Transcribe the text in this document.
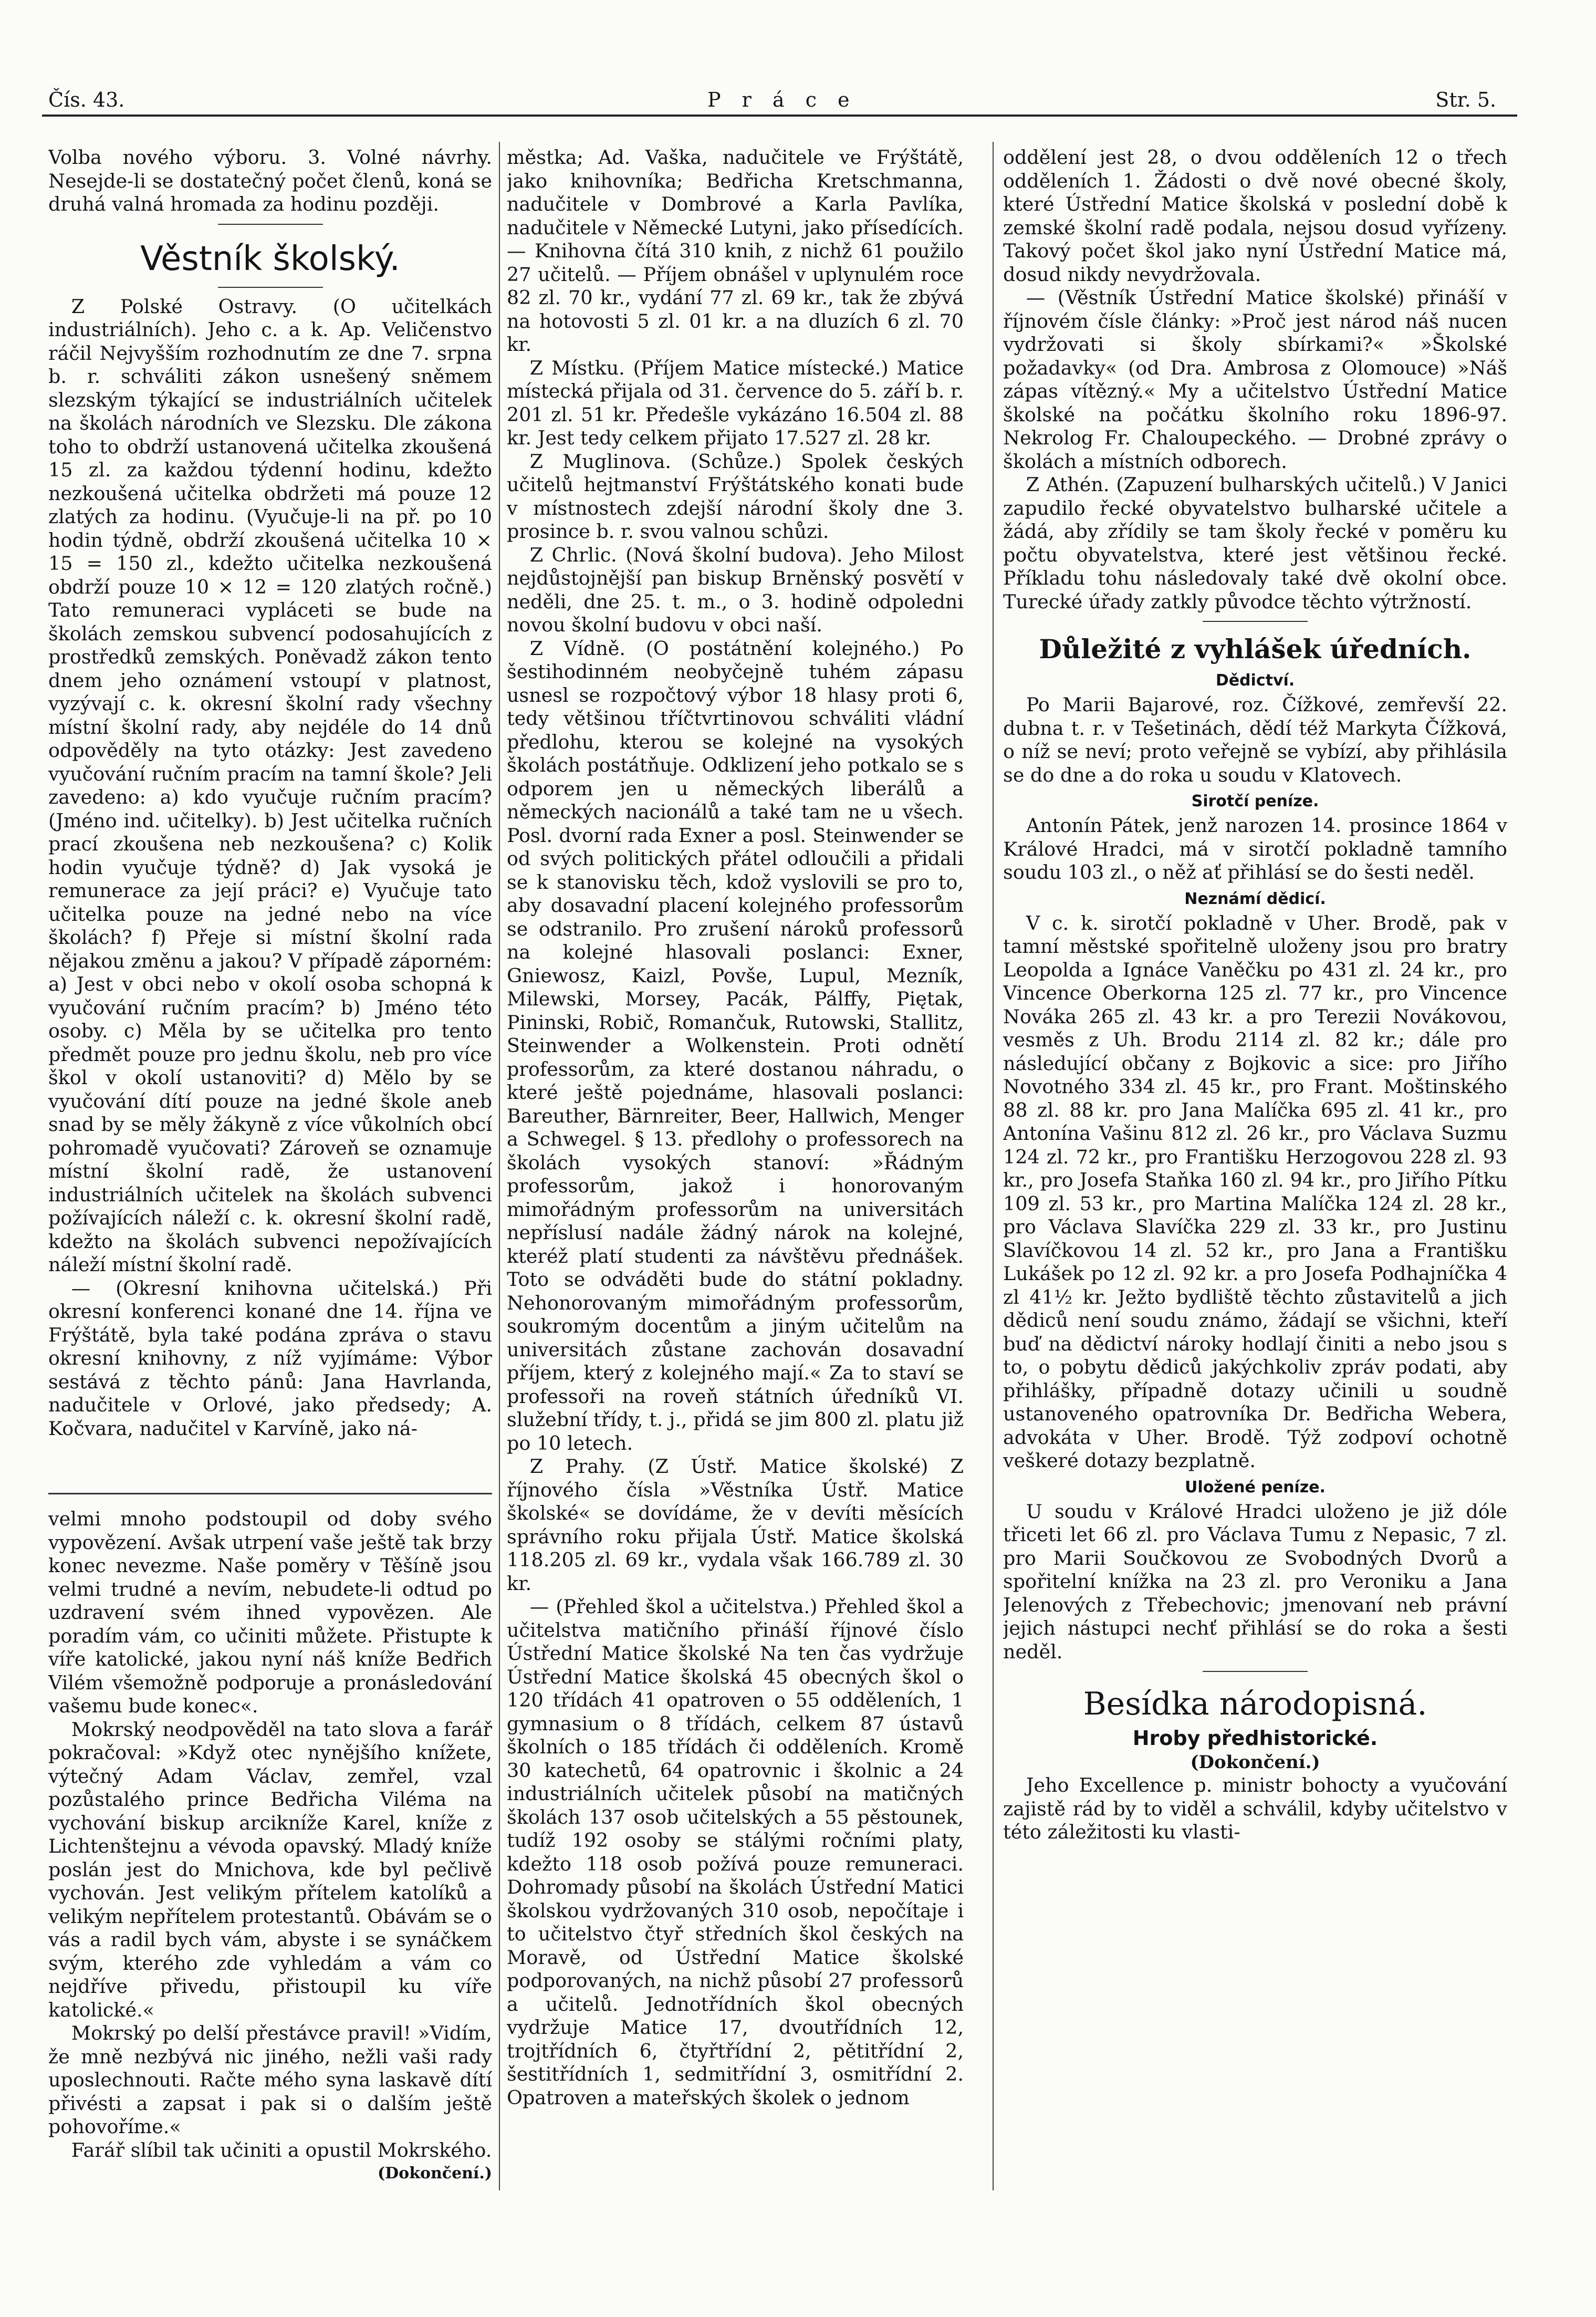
Čís. 43.	P r á c e	Str. 5.

Volba nového výboru. 3. Volné návrhy. Nesejde-li se dostatečný počet členů, koná se druhá valná hromada za hodinu později.

Věstník školský.

Z Polské Ostravy. (O učitelkách industriálních). Jeho c. a k. Ap. Veličenstvo ráčil Nejvyšším rozhodnutím ze dne 7. srpna b. r. schváliti zákon usnešený sněmem slezským týkající se industriálních učitelek na školách národních ve Slezsku. Dle zákona toho to obdrží ustanovená učitelka zkoušená 15 zl. za každou týdenní hodinu, kdežto nezkoušená učitelka obdržeti má pouze 12 zlatých za hodinu. (Vyučuje-li na př. po 10 hodin týdně, obdrží zkoušená učitelka 10 × 15 = 150 zl., kdežto učitelka nezkoušená obdrží pouze 10 × 12 = 120 zlatých ročně.) Tato remuneraci vypláceti se bude na školách zemskou subvencí podosahujících z prostředků zemských. Poněvadž zákon tento dnem jeho oznámení vstoupí v platnost, vyzývají c. k. okresní školní rady všechny místní školní rady, aby nejdéle do 14 dnů odpovědělу na tyto otázky: Jest zavedeno vyučování ručním pracím na tamní škole? Jeli zavedeno: a) kdo vyučuje ručním pracím? (Jméno ind. učitelky). b) Jest učitelka ručních prací zkoušena neb nezkoušena? c) Kolik hodin vyučuje týdně? d) Jak vysoká je remunerace za její práci? e) Vyučuje tato učitelka pouze na jedné nebo na více školách? f) Přeje si místní školní rada nějakou změnu a jakou? V případě záporném: a) Jest v obci nebo v okolí osoba schopná k vyučování ručním pracím? b) Jméno této osoby. c) Měla by se učitelka pro tento předmět pouze pro jednu školu, neb pro více škol v okolí ustanoviti? d) Mělo by se vyučování dítí pouze na jedné škole aneb snad by se měly žákyně z více vůkolních obcí pohromadě vyučovati? Zároveň se oznamuje místní školní radě, že ustanovení industriálních učitelek na školách subvenci požívajících náleží c. k. okresní školní radě, kdežto na školách subvenci nepožívajících náleží místní školní radě.

— (Okresní knihovna učitelská.) Při okresní konferenci konané dne 14. října ve Frýštátě, byla také podána zpráva o stavu okresní knihovny, z níž vyjímáme: Výbor sestává z těchto pánů: Jana Havrlanda, nadučitele v Orlové, jako předsedy; A. Kočvara, nadučitel v Karvíně, jako ná-

velmi mnoho podstoupil od doby svého vypovězení. Avšak utrpení vaše ještě tak brzy konec nevezme. Naše poměry v Těšíně jsou velmi trudné a nevím, nebudete-li odtud po uzdravení svém ihned vypovězen. Ale poradím vám, co učiniti můžete. Přistupte k víře katolické, jakou nyní náš kníže Bedřich Vilém všemožně podporuje a pronásledování vašemu bude konec«.

Mokrský neodpověděl na tato slova a farář pokračoval: »Když otec nynějšího knížete, výtečný Adam Václav, zemřel, vzal pozůstalého prince Bedřicha Viléma na vychování biskup arcikníže Karel, kníže z Lichtenštejnu a vévoda opavský. Mladý kníže poslán jest do Mnichova, kde byl pečlivě vychován. Jest velikým přítelem katolíků a velikým nepřítelem protestantů. Obávám se o vás a radil bych vám, abyste i se synáčkem svým, kterého zde vyhledám a vám co nejdříve přivedu, přistoupil ku víře katolické.«

Mokrský po delší přestávce pravil! »Vidím, že mně nezbývá nic jiného, nežli vaši rady uposlechnouti. Račte mého syna laskavě dítí přivésti a zapsat i pak si o dalším ještě pohovoříme.«

Farář slíbil tak učiniti a opustil Mokrského.

(Dokončení.)

městka; Ad. Vaška, nadučitele ve Frýštátě, jako knihovníka; Bedřicha Kretschmanna, nadučitele v Dombrové a Karla Pavlíka, nadučitele v Německé Lutyni, jako přísedících. — Knihovna čítá 310 knih, z nichž 61 použilo 27 učitelů. — Příjem obnášel v uplynulém roce 82 zl. 70 kr., vydání 77 zl. 69 kr., tak že zbývá na hotovosti 5 zl. 01 kr. a na dluzích 6 zl. 70 kr.

Z Místku. (Příjem Matice místecké.) Matice místecká přijala od 31. července do 5. září b. r. 201 zl. 51 kr. Předešle vykázáno 16.504 zl. 88 kr. Jest tedy celkem přijato 17.527 zl. 28 kr.

Z Muglinova. (Schůze.) Spolek českých učitelů hejtmanství Frýštátského konati bude v místnostech zdejší národní školy dne 3. prosince b. r. svou valnou schůzi.

Z Chrlic. (Nová školní budova). Jeho Milost nejdůstojnější pan biskup Brněnský posvětí v neděli, dne 25. t. m., o 3. hodině odpoledni novou školní budovu v obci naší.

Z Vídně. (O postátnění kolejného.) Po šestihodinném neobyčejně tuhém zápasu usnesl se rozpočtový výbor 18 hlasy proti 6, tedy většinou tříčtvrtinovou schváliti vládní předlohu, kterou se kolejné na vysokých školách postátňuje. Odklizení jeho potkalo se s odporem jen u německých liberálů a německých nacionálů a také tam ne u všech. Posl. dvorní rada Exner a posl. Steinwender se od svých politických přátel odloučili a přidali se k stanovisku těch, kdož vyslovili se pro to, aby dosavadní placení kolejného professorům se odstranilo. Pro zrušení nároků professorů na kolejné hlasovali poslanci: Exner, Gniewosz, Kaizl, Povše, Lupul, Mezník, Milewski, Morsey, Pacák, Pálffy, Piętak, Pininski, Robič, Romančuk, Rutowski, Stallitz, Steinwender a Wolkenstein. Proti odnětí professorům, za které dostanou náhradu, o které ještě pojednáme, hlasovali poslanci: Bareuther, Bärnreiter, Beer, Hallwich, Menger a Schwegel. § 13. předlohy o professorech na školách vysokých stanoví: »Řádným professorům, jakož i honorovaným mimořádným professorům na universitách nepříslusí nadále žádný nárok na kolejné, kteréž platí studenti za návštěvu přednášek. Toto se odváděti bude do státní pokladny. Nehonorovaným mimořádným professorům, soukromým docentům a jiným učitelům na universitách zůstane zachován dosavadní příjem, který z kolejného mají.« Za to staví se professoři na roveň státních úředníků VI. služební třídy, t. j., přidá se jim 800 zl. platu již po 10 letech.

Z Prahy. (Z Ústř. Matice školské) Z říjnového čísla »Věstníka Ústř. Matice školské« se dovídáme, že v devíti měsících správního roku přijala Ústř. Matice školská 118.205 zl. 69 kr., vydala však 166.789 zl. 30 kr.

— (Přehled škol a učitelstva.) Přehled škol a učitelstva matičního přináší říjnové číslo Ústřední Matice školské Na ten čas vydržuje Ústřední Matice školská 45 obecných škol o 120 třídách 41 opatroven o 55 odděleních, 1 gymnasium o 8 třídách, celkem 87 ústavů školních o 185 třídách či odděleních. Kromě 30 katechetů, 64 opatrovnic i školnic a 24 industriálních učitelek působí na matičných školách 137 osob učitelských a 55 pěstounek, tudíž 192 osoby se stálými ročními platy, kdežto 118 osob požívá pouze remuneraci. Dohromady působí na školách Ústřední Matici školskou vydržovaných 310 osob, nepočítaje i to učitelstvo čtyř středních škol českých na Moravě, od Ústřední Matice školské podporovaných, na nichž působí 27 professorů a učitelů. Jednotřídních škol obecných vydržuje Matice 17, dvoutřídních 12, trojtřídních 6, čtyřtřídní 2, pětitřídní 2, šestitřídních 1, sedmitřídní 3, osmitřídní 2. Opatroven a mateřských školek o jednom

oddělení jest 28, o dvou odděleních 12 o třech odděleních 1. Žádosti o dvě nové obecné školy, které Ústřední Matice školská v poslední době k zemské školní radě podala, nejsou dosud vyřízeny. Takový počet škol jako nyní Ústřední Matice má, dosud nikdy nevydržovala.

— (Věstník Ústřední Matice školské) přináší v říjnovém čísle články: »Proč jest národ náš nucen vydržovati si školy sbírkami?« »Školské požadavky« (od Dra. Ambrosa z Olomouce) »Náš zápas vítězný.« My a učitelstvo Ústřední Matice školské na počátku školního roku 1896-97. Nekrolog Fr. Chaloupeckého. — Drobné zprávy o školách a místních odborech.

Z Athén. (Zapuzení bulharských učitelů.) V Janici zapudilo řecké obyvatelstvo bulharské učitele a žádá, aby zřídily se tam školy řecké v poměru ku počtu obyvatelstva, které jest většinou řecké. Příkladu tohu následovaly také dvě okolní obce. Turecké úřady zatkly původce těchto výtržností.

Důležité z vyhlášek úředních.
Dědictví.

Po Marii Bajarové, roz. Čížkové, zemřevší 22. dubna t. r. v Tešetinách, dědí též Markyta Čížková, o níž se neví; proto veřejně se vybízí, aby přihlásila se do dne a do roka u soudu v Klatovech.

Sirotčí peníze.

Antonín Pátek, jenž narozen 14. prosince 1864 v Králové Hradci, má v sirotčí pokladně tamního soudu 103 zl., o něž ať přihlásí se do šesti neděl.

Neznámí dědicí.

V c. k. sirotčí pokladně v Uher. Brodě, pak v tamní městské spořitelně uloženy jsou pro bratry Leopolda a Ignáce Vaněčku po 431 zl. 24 kr., pro Vincence Oberkorna 125 zl. 77 kr., pro Vincence Nováka 265 zl. 43 kr. a pro Terezii Novákovou, vesměs z Uh. Brodu 2114 zl. 82 kr.; dále pro následující občany z Bojkovic a sice: pro Jiřího Novotného 334 zl. 45 kr., pro Frant. Moštinského 88 zl. 88 kr. pro Jana Malíčka 695 zl. 41 kr., pro Antonína Vašinu 812 zl. 26 kr., pro Václava Suzmu 124 zl. 72 kr., pro Františku Herzogovou 228 zl. 93 kr., pro Josefa Staňka 160 zl. 94 kr., pro Jiřího Pítku 109 zl. 53 kr., pro Martina Malíčka 124 zl. 28 kr., pro Václava Slavíčka 229 zl. 33 kr., pro Justinu Slavíčkovou 14 zl. 52 kr., pro Jana a Františku Lukášek po 12 zl. 92 kr. a pro Josefa Podhajníčka 4 zl 41½ kr. Ježto bydliště těchto zůstavitelů a jich dědiců není soudu známo, žádají se všichni, kteří buď na dědictví nároky hodlají činiti a nebo jsou s to, o pobytu dědiců jakýchkoliv zpráv podati, aby přihlášky, případně dotazy učinili u soudně ustanoveného opatrovníka Dr. Bedřicha Webera, advokáta v Uher. Brodě. Týž zodpoví ochotně veškeré dotazy bezplatně.

Uložené peníze.

U soudu v Králové Hradci uloženo je již dóle třiceti let 66 zl. pro Václava Tumu z Nepasic, 7 zl. pro Marii Součkovou ze Svobodných Dvorů a spořitelní knížka na 23 zl. pro Veroniku a Jana Jelenových z Třebechovic; jmenovaní neb právní jejich nástupci nechť přihlásí se do roka a šesti neděl.

Besídka národopisná.
Hroby předhistorické.
(Dokončení.)

Jeho Excellence p. ministr bohocty a vyučování zajistě rád by to viděl a schválil, kdyby učitelstvo v této záležitosti ku vlasti-
